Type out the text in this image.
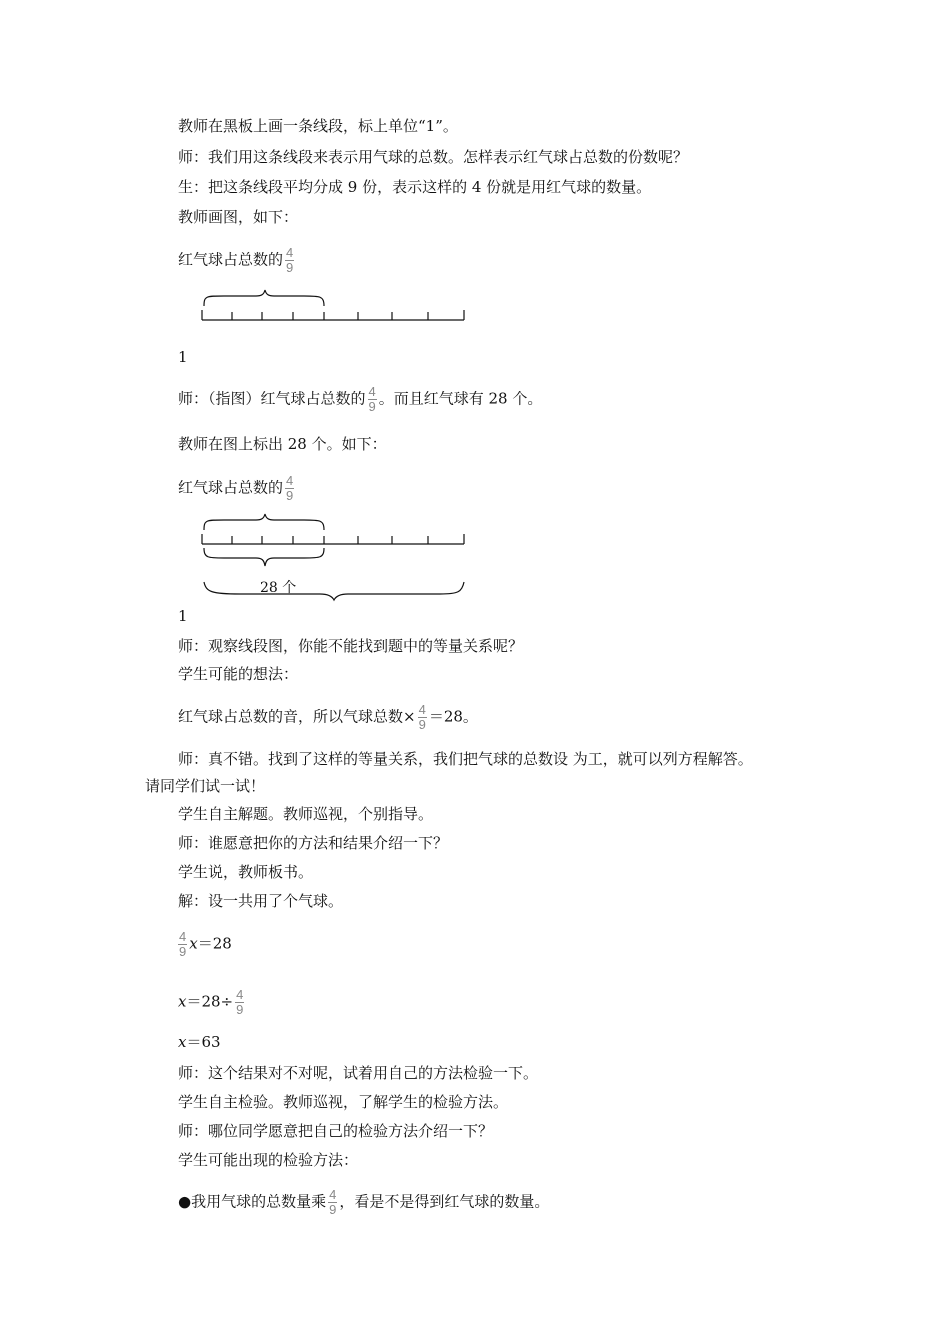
教师在黑板上画一条线段，标上单位“1”。
师：我们用这条线段来表示用气球的总数。怎样表示红气球占总数的份数呢？
生：把这条线段平均分成 9 份，表示这样的 4 份就是用红气球的数量。
教师画图，如下：
红气球占总数的 $\frac{4}{9}$
1
师：（指图）红气球占总数的 $\frac{4}{9}$ 。而且红气球有 28 个。
教师在图上标出 28 个。如下：
红气球占总数的 $\frac{4}{9}$
28 个
1
师：观察线段图，你能不能找到题中的等量关系呢？
学生可能的想法：
红气球占总数的音，所以气球总数× $\frac{4}{9} =28$。
师：真不错。找到了这样的等量关系，我们把气球的总数设 为工，就可以列方程解答。
请同学们试一试！
学生自主解题。教师巡视，个别指导。
师：谁愿意把你的方法和结果介绍一下？
学生说，教师板书。
解：设一共用了个气球。
$\frac{4}{9} x=28$
$x=28\div \frac{4}{9}$
x＝63
师：这个结果对不对呢，试着用自己的方法检验一下。
学生自主检验。教师巡视，了解学生的检验方法。
师：哪位同学愿意把自己的检验方法介绍一下？
学生可能出现的检验方法：
●我用气球的总数量乘 $\frac{4}{9}$ ，看是不是得到红气球的数量。
